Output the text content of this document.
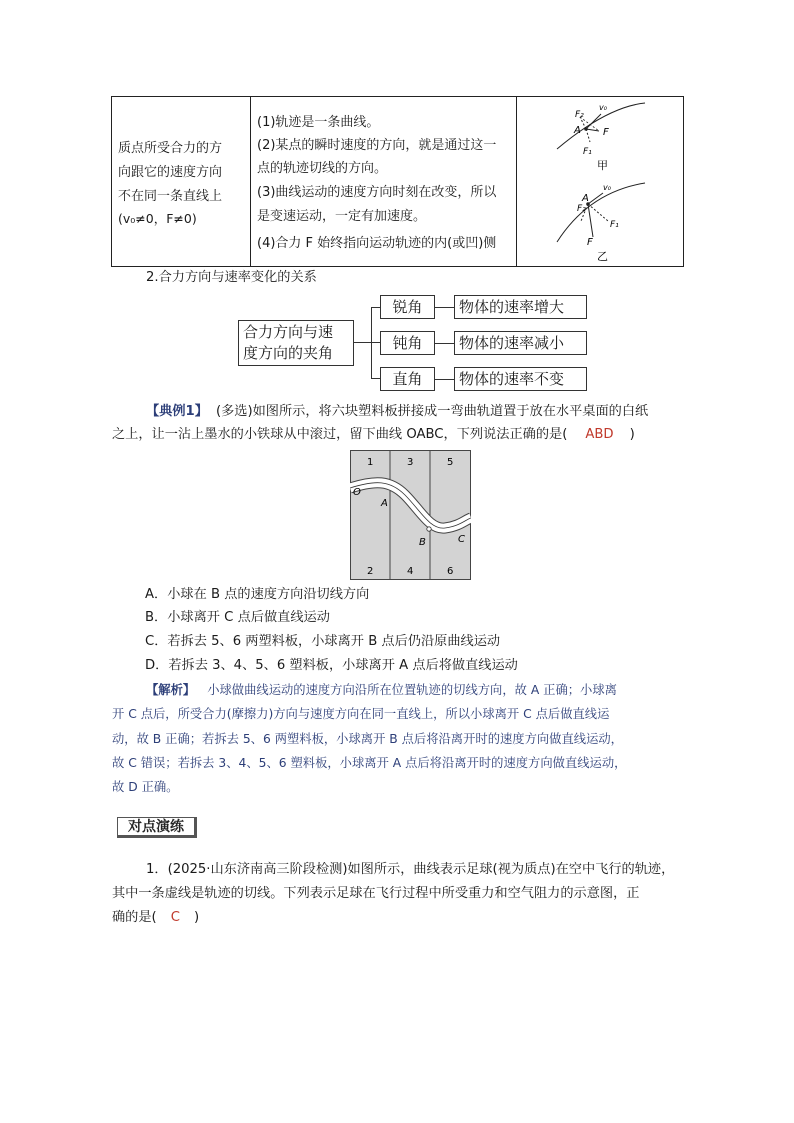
质点所受合力的方
向跟它的速度方向
不在同一条直线上
(v₀≠0，F≠0)
(1)轨迹是一条曲线。
(2)某点的瞬时速度的方向，就是通过这一
点的轨迹切线的方向。
(3)曲线运动的速度方向时刻在改变，所以
是变速运动，一定有加速度。
(4)合力 F 始终指向运动轨迹的内(或凹)侧
F₂
v₀
A F
F₁
甲
F₂
v₀
A
F₁
F
乙
2.合力方向与速率变化的关系
合力方向与速
度方向的夹角
锐角
钝角
直角
物体的速率增大
物体的速率减小
物体的速率不变
【典例1】 (多选)如图所示，将六块塑料板拼接成一弯曲轨道置于放在水平桌面的白纸
之上，让一沾上墨水的小铁球从中滚过，留下曲线 OABC，下列说法正确的是( ABD )
1	3	5
2	4	6
O
A
B	C
A．小球在 B 点的速度方向沿切线方向
B．小球离开 C 点后做直线运动
C．若拆去 5、6 两塑料板，小球离开 B 点后仍沿原曲线运动
D．若拆去 3、4、5、6 塑料板，小球离开 A 点后将做直线运动
【解析】 小球做曲线运动的速度方向沿所在位置轨迹的切线方向，故 A 正确；小球离
开 C 点后，所受合力(摩擦力)方向与速度方向在同一直线上，所以小球离开 C 点后做直线运
动，故 B 正确；若拆去 5、6 两塑料板，小球离开 B 点后将沿离开时的速度方向做直线运动，
故 C 错误；若拆去 3、4、5、6 塑料板，小球离开 A 点后将沿离开时的速度方向做直线运动，
故 D 正确。
对点演练
1．(2025·山东济南高三阶段检测)如图所示，曲线表示足球(视为质点)在空中飞行的轨迹，
其中一条虚线是轨迹的切线。下列表示足球在飞行过程中所受重力和空气阻力的示意图，正
确的是( C )
